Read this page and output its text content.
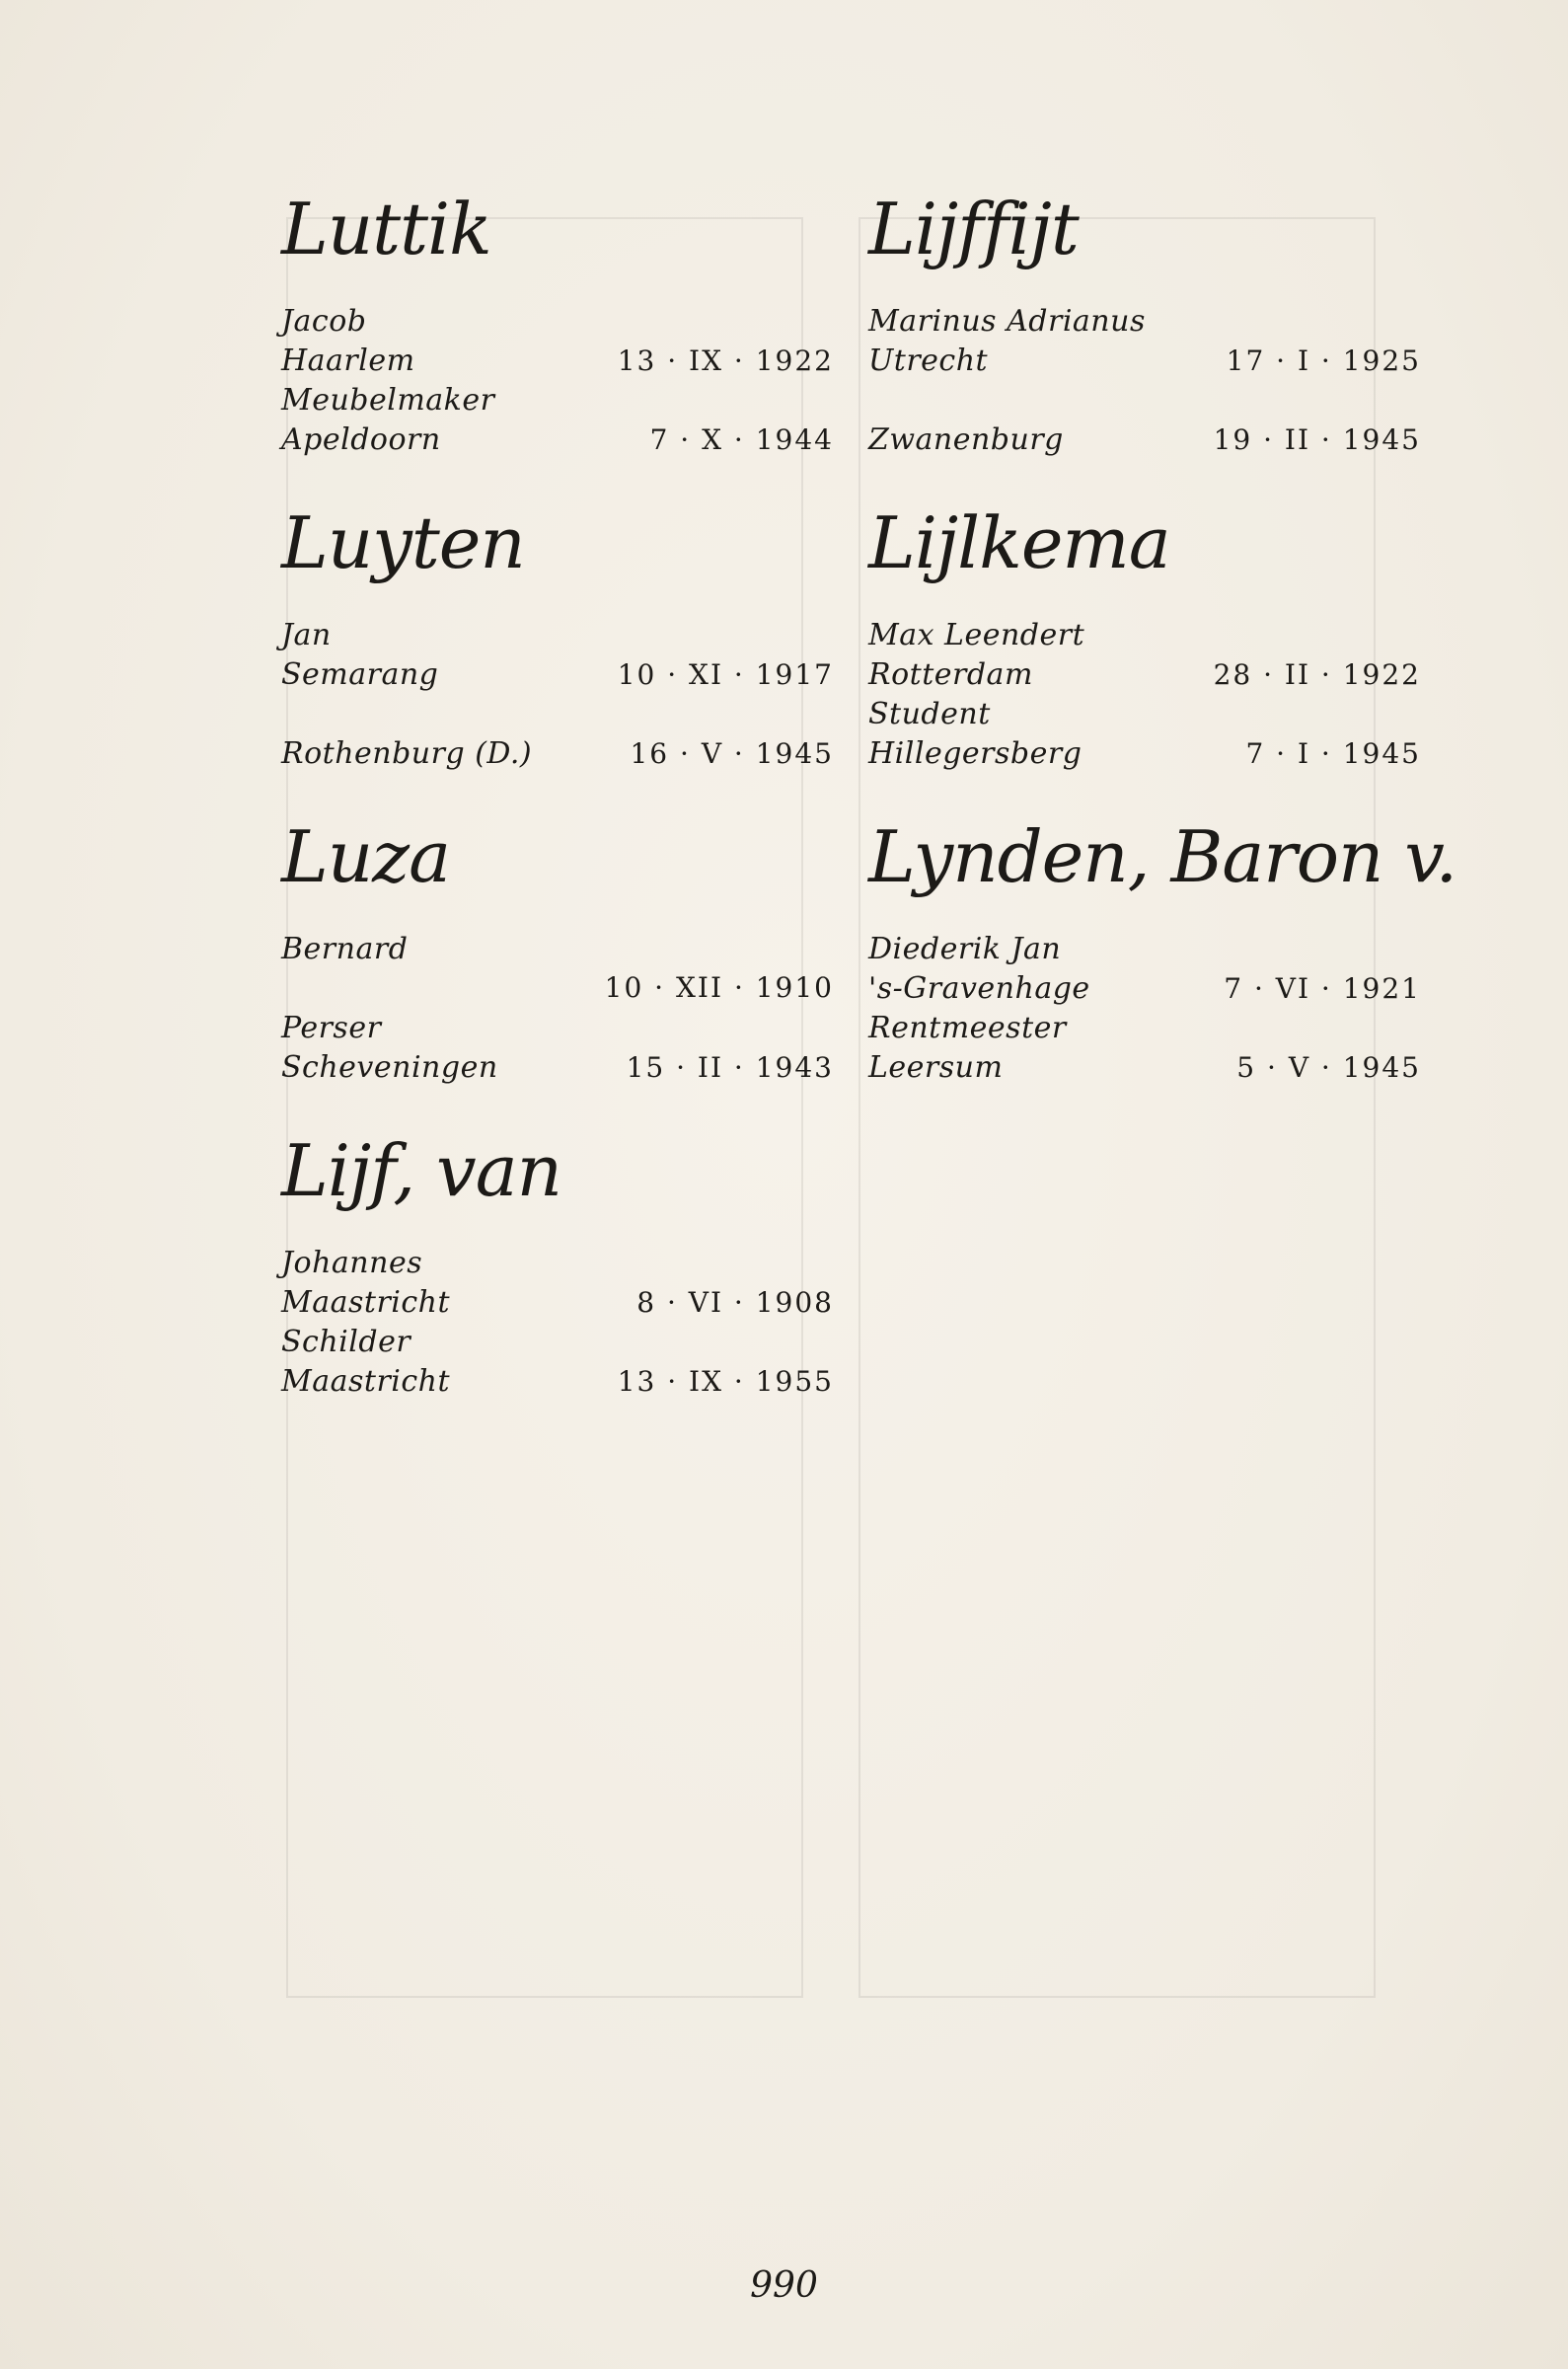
Luttik
Jacob
Haarlem	13 · IX · 1922
Meubelmaker
Apeldoorn	7 · X · 1944
Luyten
Jan
Semarang	10 · XI · 1917
Rothenburg (D.)	16 · V · 1945
Luza
Bernard
10 · XII · 1910
Perser
Scheveningen	15 · II · 1943
Lijf, van
Johannes
Maastricht	8 · VI · 1908
Schilder
Maastricht	13 · IX · 1955
Lijffijt
Marinus Adrianus
Utrecht	17 · I · 1925
Zwanenburg	19 · II · 1945
Lijlkema
Max Leendert
Rotterdam	28 · II · 1922
Student
Hillegersberg	7 · I · 1945
Lynden, Baron v.
Diederik Jan
's-Gravenhage	7 · VI · 1921
Rentmeester
Leersum	5 · V · 1945
990
